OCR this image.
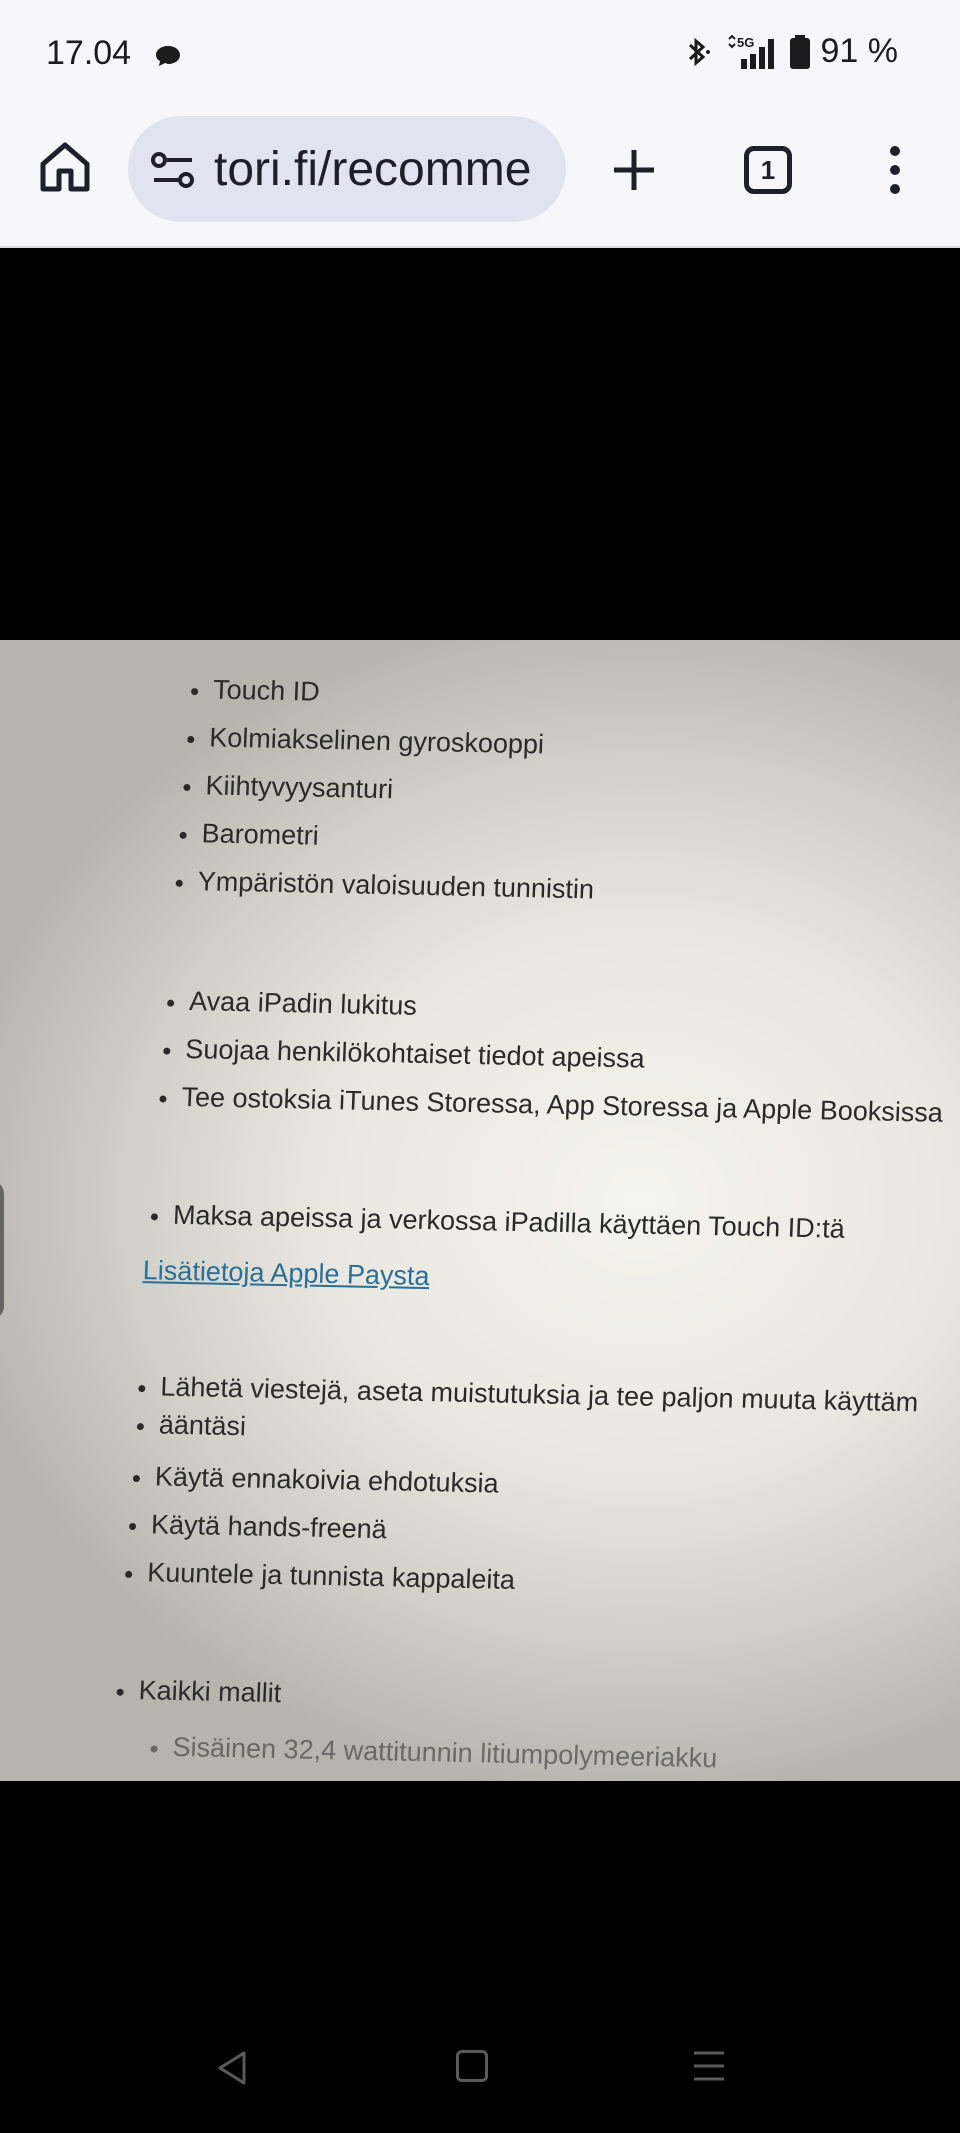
17.04	5G 91 %
tori.fi/recomme	1
Touch ID
Kolmiakselinen gyroskooppi
Kiihtyvyysanturi
Barometri
Ympäristön valoisuuden tunnistin
Avaa iPadin lukitus
Suojaa henkilökohtaiset tiedot apeissa
Tee ostoksia iTunes Storessa, App Storessa ja Apple Booksissa
Maksa apeissa ja verkossa iPadilla käyttäen Touch ID:tä
Lisätietoja Apple Paysta
Lähetä viestejä, aseta muistutuksia ja tee paljon muuta käyttäm
ääntäsi
Käytä ennakoivia ehdotuksia
Käytä hands-freenä
Kuuntele ja tunnista kappaleita
Kaikki mallit
Sisäinen 32,4 wattitunnin litiumpolymeeriakku
